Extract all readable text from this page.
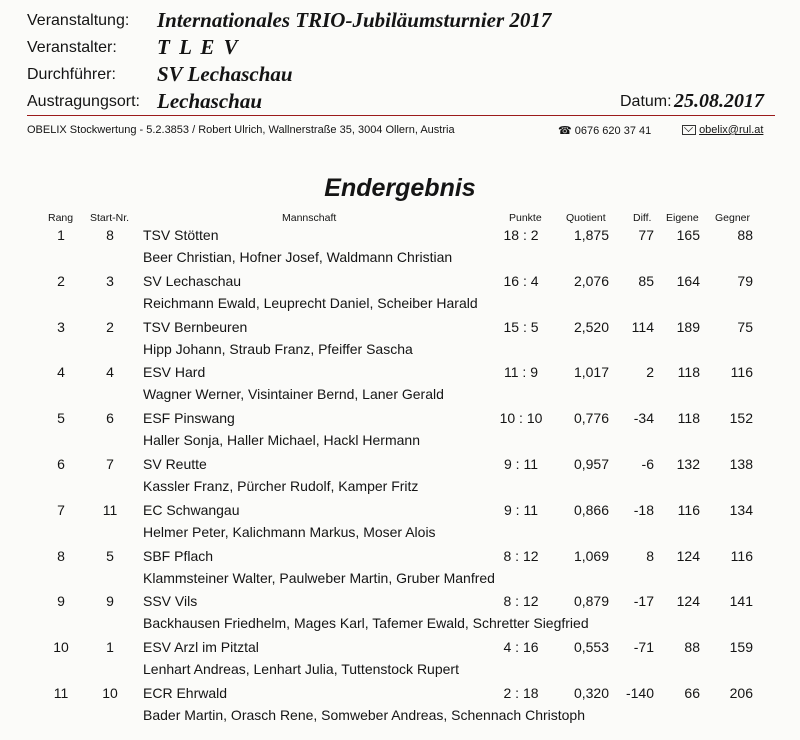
Veranstaltung: Internationales TRIO-Jubiläumsturnier 2017
Veranstalter: T L E V
Durchführer: SV Lechaschau
Austragungsort: Lechaschau	Datum: 25.08.2017
OBELIX Stockwertung - 5.2.3853 / Robert Ulrich, Wallnerstraße 35, 3004 Ollern, Austria	☎ 0676 620 37 41	obelix@rul.at
Endergebnis
Rang Start-Nr.	Mannschaft	Punkte Quotient	Diff. Eigene Gegner
1	8	TSV Stötten	18 : 2	1,875	77	165	88
Beer Christian, Hofner Josef, Waldmann Christian
2	3	SV Lechaschau	16 : 4	2,076	85	164	79
Reichmann Ewald, Leuprecht Daniel, Scheiber Harald
3	2	TSV Bernbeuren	15 : 5	2,520	114	189	75
Hipp Johann, Straub Franz, Pfeiffer Sascha
4	4	ESV Hard	11 : 9	1,017	2	118	116
Wagner Werner, Visintainer Bernd, Laner Gerald
5	6	ESF Pinswang	10 : 10	0,776	-34	118	152
Haller Sonja, Haller Michael, Hackl Hermann
6	7	SV Reutte	9 : 11	0,957	-6	132	138
Kassler Franz, Pürcher Rudolf, Kamper Fritz
7	11	EC Schwangau	9 : 11	0,866	-18	116	134
Helmer Peter, Kalichmann Markus, Moser Alois
8	5	SBF Pflach	8 : 12	1,069	8	124	116
Klammsteiner Walter, Paulweber Martin, Gruber Manfred
9	9	SSV Vils	8 : 12	0,879	-17	124	141
Backhausen Friedhelm, Mages Karl, Tafemer Ewald, Schretter Siegfried
10	1	ESV Arzl im Pitztal	4 : 16	0,553	-71	88	159
Lenhart Andreas, Lenhart Julia, Tuttenstock Rupert
11	10	ECR Ehrwald	2 : 18	0,320	-140	66	206
Bader Martin, Orasch Rene, Somweber Andreas, Schennach Christoph
